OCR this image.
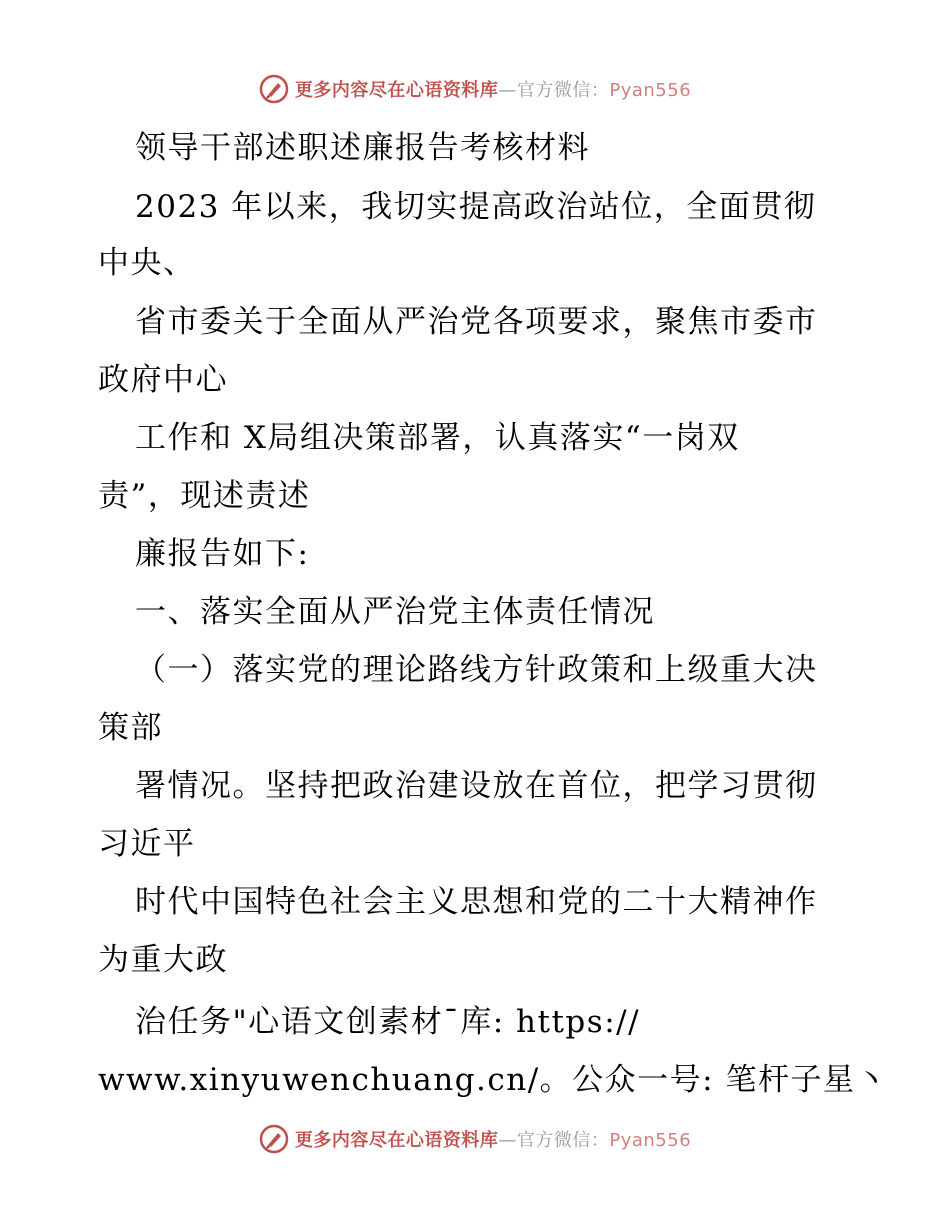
更多内容尽在心语资料库—官方微信：Pyan556
领导干部述职述廉报告考核材料
2023 年以来，我切实提高政治站位，全面贯彻
中央、
省市委关于全面从严治党各项要求，聚焦市委市
政府中心
工作和 X局组决策部署，认真落实“一岗双
责”，现述责述
廉报告如下:
一、落实全面从严治党主体责任情况
（一）落实党的理论路线方针政策和上级重大决
策部
署情况。坚持把政治建设放在首位，把学习贯彻
习近平
时代中国特色社会主义思想和党的二十大精神作
为重大政
治任务"心语文创素材¯库: https://
www.xinyuwenchuang.cn/。公众一号: 笔杆子星丶
更多内容尽在心语资料库—官方微信：Pyan556
